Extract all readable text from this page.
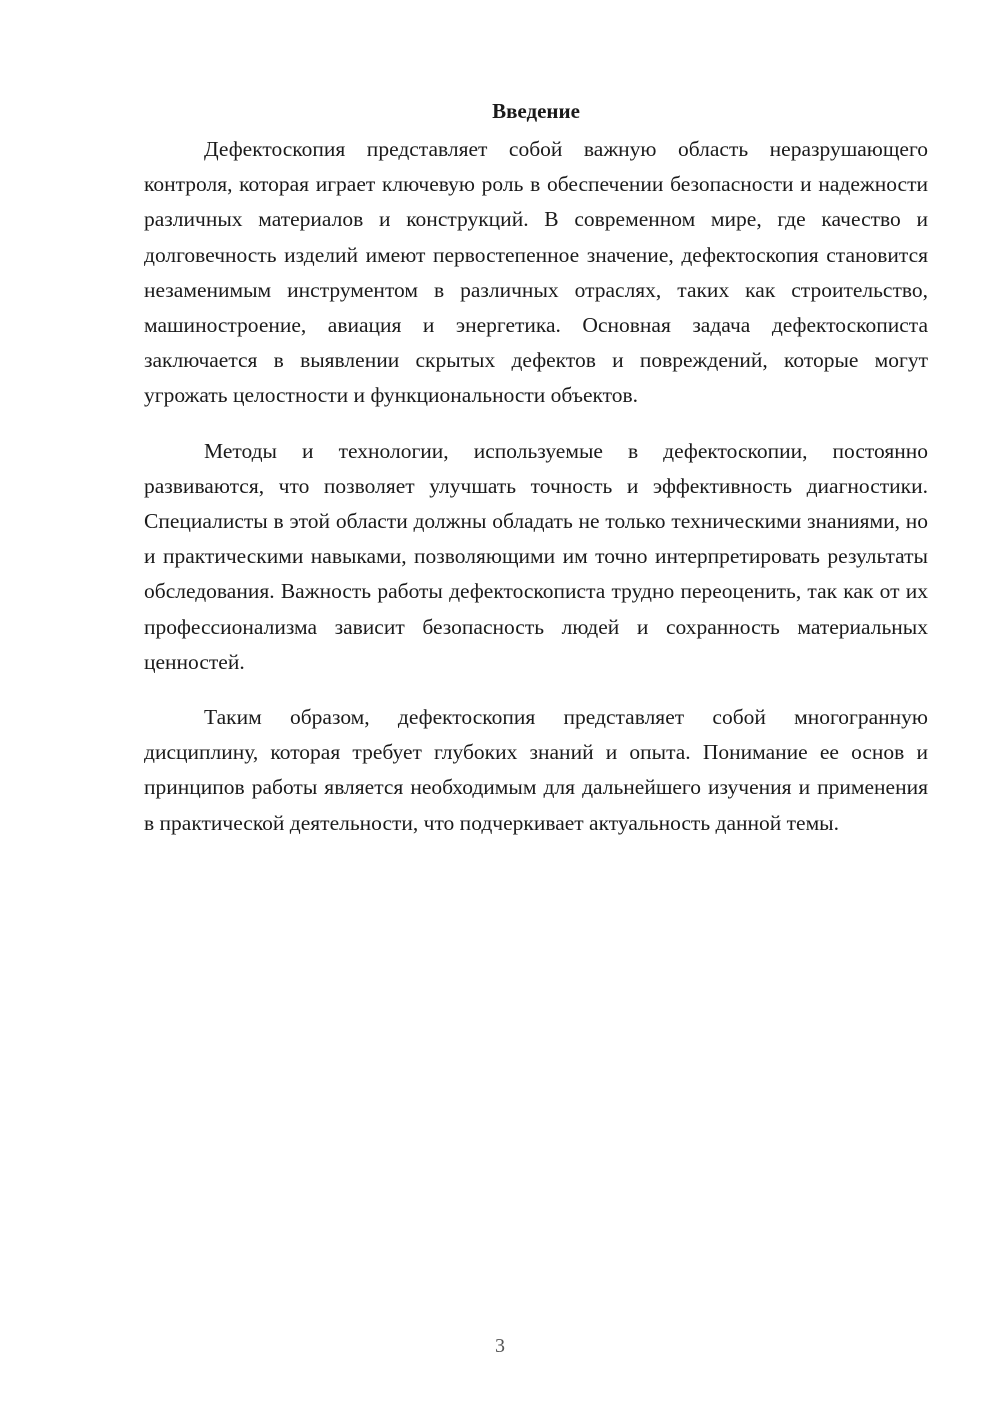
Введение

Дефектоскопия представляет собой важную область неразрушающего контроля, которая играет ключевую роль в обеспечении безопасности и надежности различных материалов и конструкций. В современном мире, где качество и долговечность изделий имеют первостепенное значение, дефектоскопия становится незаменимым инструментом в различных отраслях, таких как строительство, машиностроение, авиация и энергетика. Основная задача дефектоскописта заключается в выявлении скрытых дефектов и повреждений, которые могут угрожать целостности и функциональности объектов.

Методы и технологии, используемые в дефектоскопии, постоянно развиваются, что позволяет улучшать точность и эффективность диагностики. Специалисты в этой области должны обладать не только техническими знаниями, но и практическими навыками, позволяющими им точно интерпретировать результаты обследования. Важность работы дефектоскописта трудно переоценить, так как от их профессионализма зависит безопасность людей и сохранность материальных ценностей.

Таким образом, дефектоскопия представляет собой многогранную дисциплину, которая требует глубоких знаний и опыта. Понимание ее основ и принципов работы является необходимым для дальнейшего изучения и применения в практической деятельности, что подчеркивает актуальность данной темы.

3
